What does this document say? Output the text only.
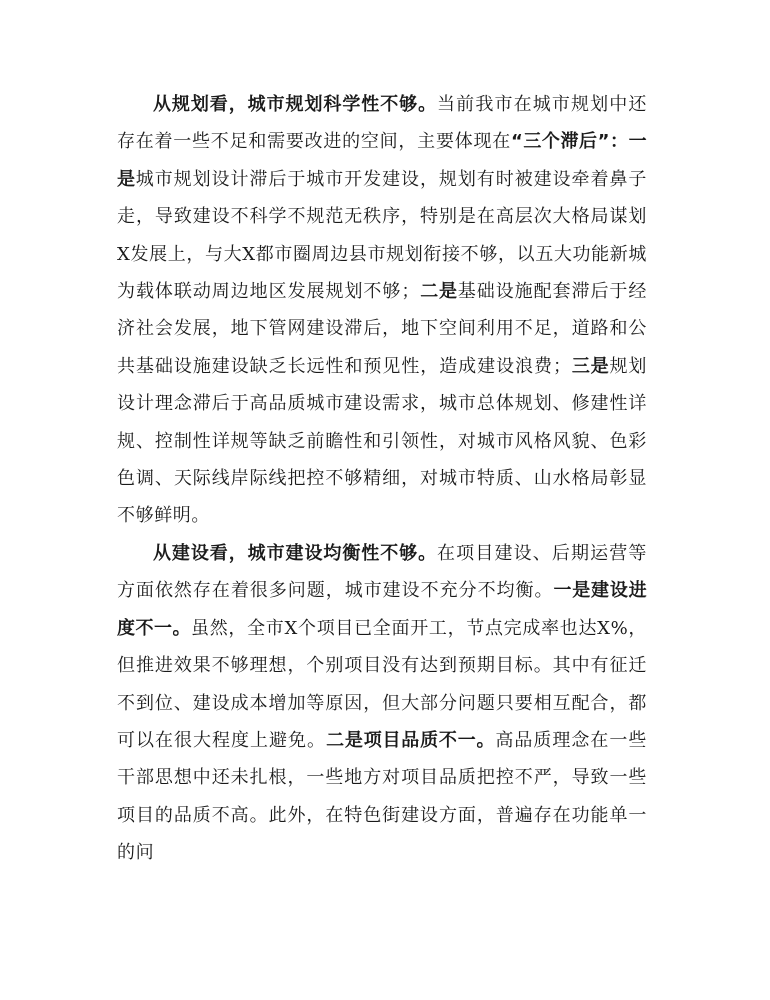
从规划看，城市规划科学性不够。当前我市在城市规划中还存在着一些不足和需要改进的空间，主要体现在“三个滞后”：一是城市规划设计滞后于城市开发建设，规划有时被建设牵着鼻子走，导致建设不科学不规范无秩序，特别是在高层次大格局谋划X发展上，与大X都市圈周边县市规划衔接不够，以五大功能新城为载体联动周边地区发展规划不够；二是基础设施配套滞后于经济社会发展，地下管网建设滞后，地下空间利用不足，道路和公共基础设施建设缺乏长远性和预见性，造成建设浪费；三是规划设计理念滞后于高品质城市建设需求，城市总体规划、修建性详规、控制性详规等缺乏前瞻性和引领性，对城市风格风貌、色彩色调、天际线岸际线把控不够精细，对城市特质、山水格局彰显不够鲜明。

从建设看，城市建设均衡性不够。在项目建设、后期运营等方面依然存在着很多问题，城市建设不充分不均衡。一是建设进度不一。虽然，全市X个项目已全面开工，节点完成率也达X%，但推进效果不够理想，个别项目没有达到预期目标。其中有征迁不到位、建设成本增加等原因，但大部分问题只要相互配合，都可以在很大程度上避免。二是项目品质不一。高品质理念在一些干部思想中还未扎根，一些地方对项目品质把控不严，导致一些项目的品质不高。此外，在特色街建设方面，普遍存在功能单一的问
